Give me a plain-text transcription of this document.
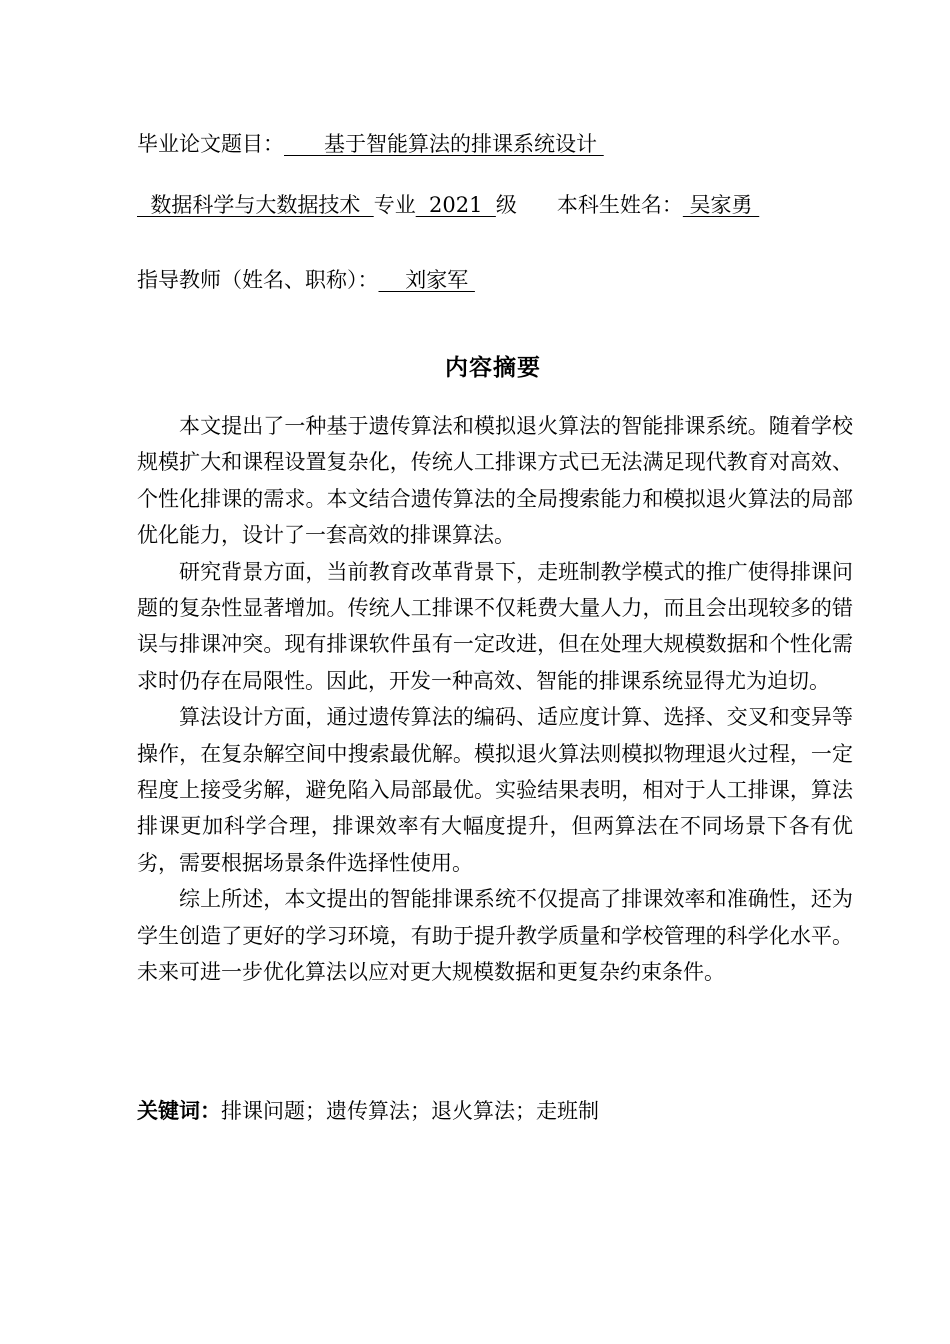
毕业论文题目：      基于智能算法的排课系统设计
数据科学与大数据技术  专业  2021  级 本科生姓名： 吴家勇
指导教师（姓名、职称）：    刘家军
内容摘要

本文提出了一种基于遗传算法和模拟退火算法的智能排课系统。随着学校规模扩大和课程设置复杂化，传统人工排课方式已无法满足现代教育对高效、个性化排课的需求。本文结合遗传算法的全局搜索能力和模拟退火算法的局部优化能力，设计了一套高效的排课算法。

研究背景方面，当前教育改革背景下，走班制教学模式的推广使得排课问题的复杂性显著增加。传统人工排课不仅耗费大量人力，而且会出现较多的错误与排课冲突。现有排课软件虽有一定改进，但在处理大规模数据和个性化需求时仍存在局限性。因此，开发一种高效、智能的排课系统显得尤为迫切。

算法设计方面，通过遗传算法的编码、适应度计算、选择、交叉和变异等操作，在复杂解空间中搜索最优解。模拟退火算法则模拟物理退火过程，一定程度上接受劣解，避免陷入局部最优。实验结果表明，相对于人工排课，算法排课更加科学合理，排课效率有大幅度提升，但两算法在不同场景下各有优劣，需要根据场景条件选择性使用。

综上所述，本文提出的智能排课系统不仅提高了排课效率和准确性，还为学生创造了更好的学习环境，有助于提升教学质量和学校管理的科学化水平。未来可进一步优化算法以应对更大规模数据和更复杂约束条件。

关键词：排课问题；遗传算法；退火算法；走班制
